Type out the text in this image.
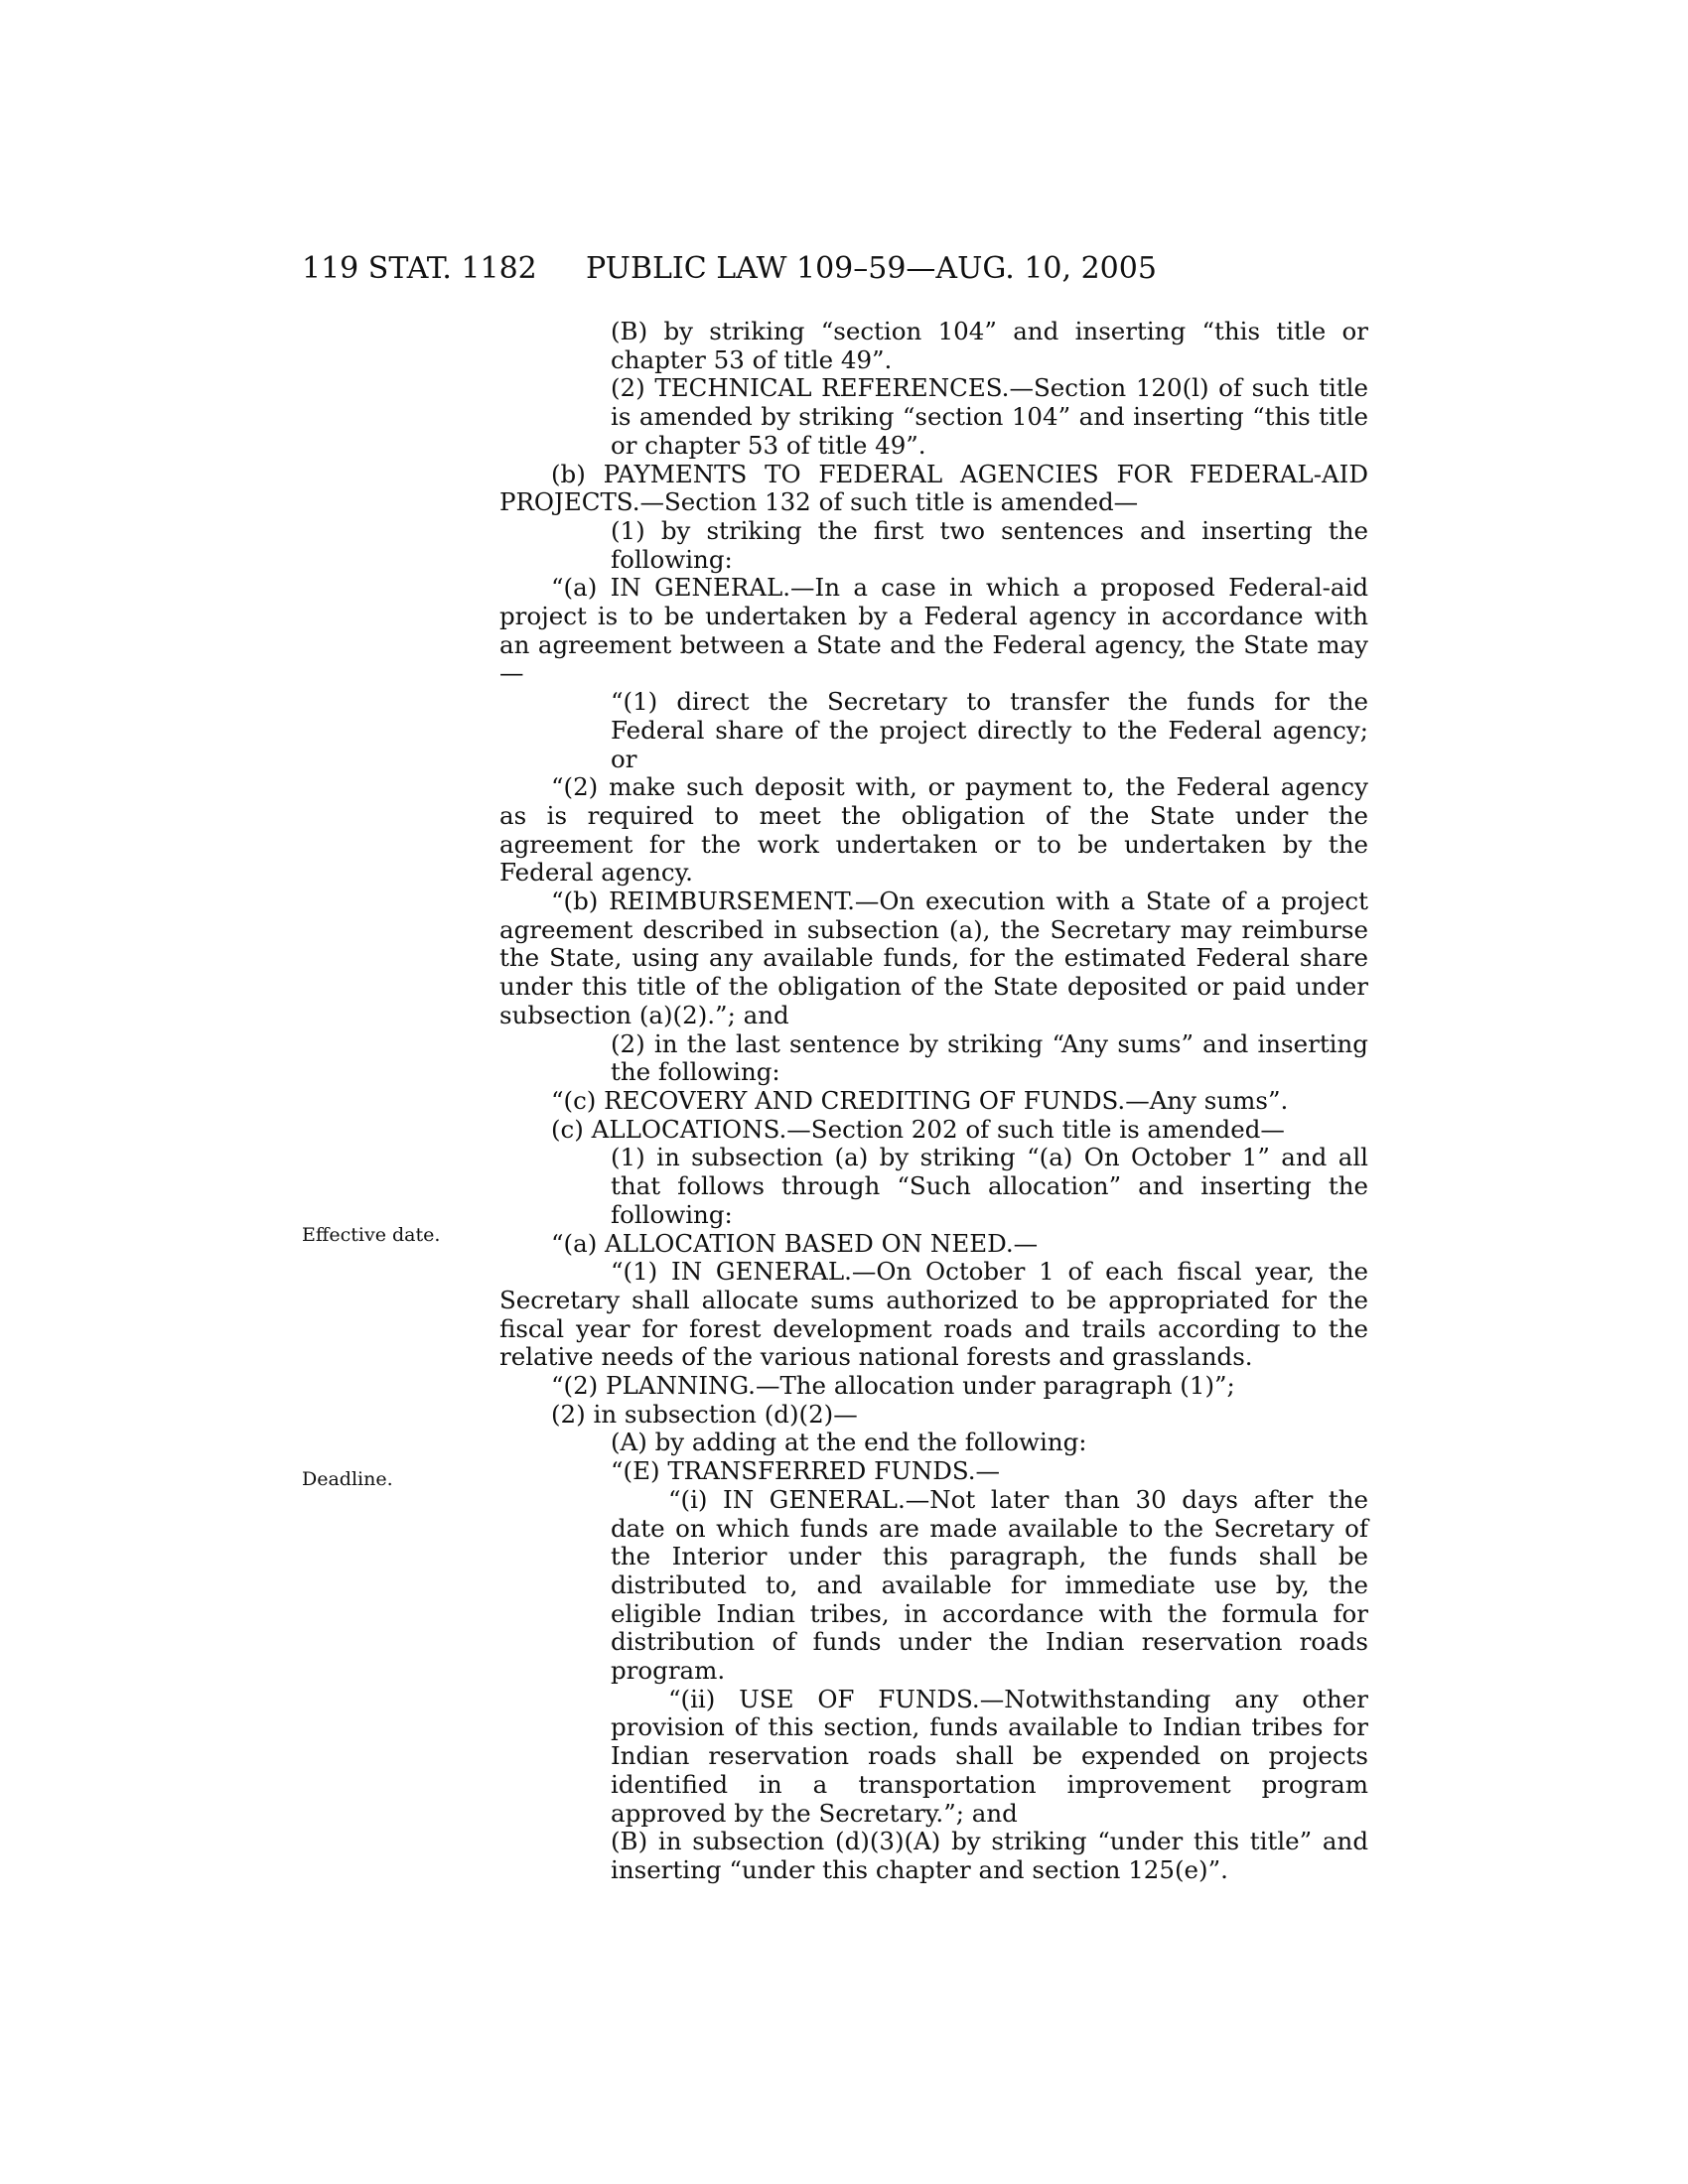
119 STAT. 1182 PUBLIC LAW 109–59—AUG. 10, 2005
Effective date.
Deadline.

(B) by striking “section 104” and inserting “this title or chapter 53 of title 49”.

(2) TECHNICAL REFERENCES.—Section 120(l) of such title is amended by striking “section 104” and inserting “this title or chapter 53 of title 49”.

(b) PAYMENTS TO FEDERAL AGENCIES FOR FEDERAL-AID PROJECTS.—Section 132 of such title is amended—

(1) by striking the first two sentences and inserting the following:

“(a) IN GENERAL.—In a case in which a proposed Federal-aid project is to be undertaken by a Federal agency in accordance with an agreement between a State and the Federal agency, the State may—

“(1) direct the Secretary to transfer the funds for the Federal share of the project directly to the Federal agency; or

“(2) make such deposit with, or payment to, the Federal agency as is required to meet the obligation of the State under the agreement for the work undertaken or to be undertaken by the Federal agency.

“(b) REIMBURSEMENT.—On execution with a State of a project agreement described in subsection (a), the Secretary may reimburse the State, using any available funds, for the estimated Federal share under this title of the obligation of the State deposited or paid under subsection (a)(2).”; and

(2) in the last sentence by striking “Any sums” and inserting the following:

“(c) RECOVERY AND CREDITING OF FUNDS.—Any sums”.

(c) ALLOCATIONS.—Section 202 of such title is amended—

(1) in subsection (a) by striking “(a) On October 1” and all that follows through “Such allocation” and inserting the following:

“(a) ALLOCATION BASED ON NEED.—

“(1) IN GENERAL.—On October 1 of each fiscal year, the Secretary shall allocate sums authorized to be appropriated for the fiscal year for forest development roads and trails according to the relative needs of the various national forests and grasslands.

“(2) PLANNING.—The allocation under paragraph (1)”;

(2) in subsection (d)(2)—

(A) by adding at the end the following:

“(E) TRANSFERRED FUNDS.—

“(i) IN GENERAL.—Not later than 30 days after the date on which funds are made available to the Secretary of the Interior under this paragraph, the funds shall be distributed to, and available for immediate use by, the eligible Indian tribes, in accordance with the formula for distribution of funds under the Indian reservation roads program.

“(ii) USE OF FUNDS.—Notwithstanding any other provision of this section, funds available to Indian tribes for Indian reservation roads shall be expended on projects identified in a transportation improvement program approved by the Secretary.”; and

(B) in subsection (d)(3)(A) by striking “under this title” and inserting “under this chapter and section 125(e)”.
